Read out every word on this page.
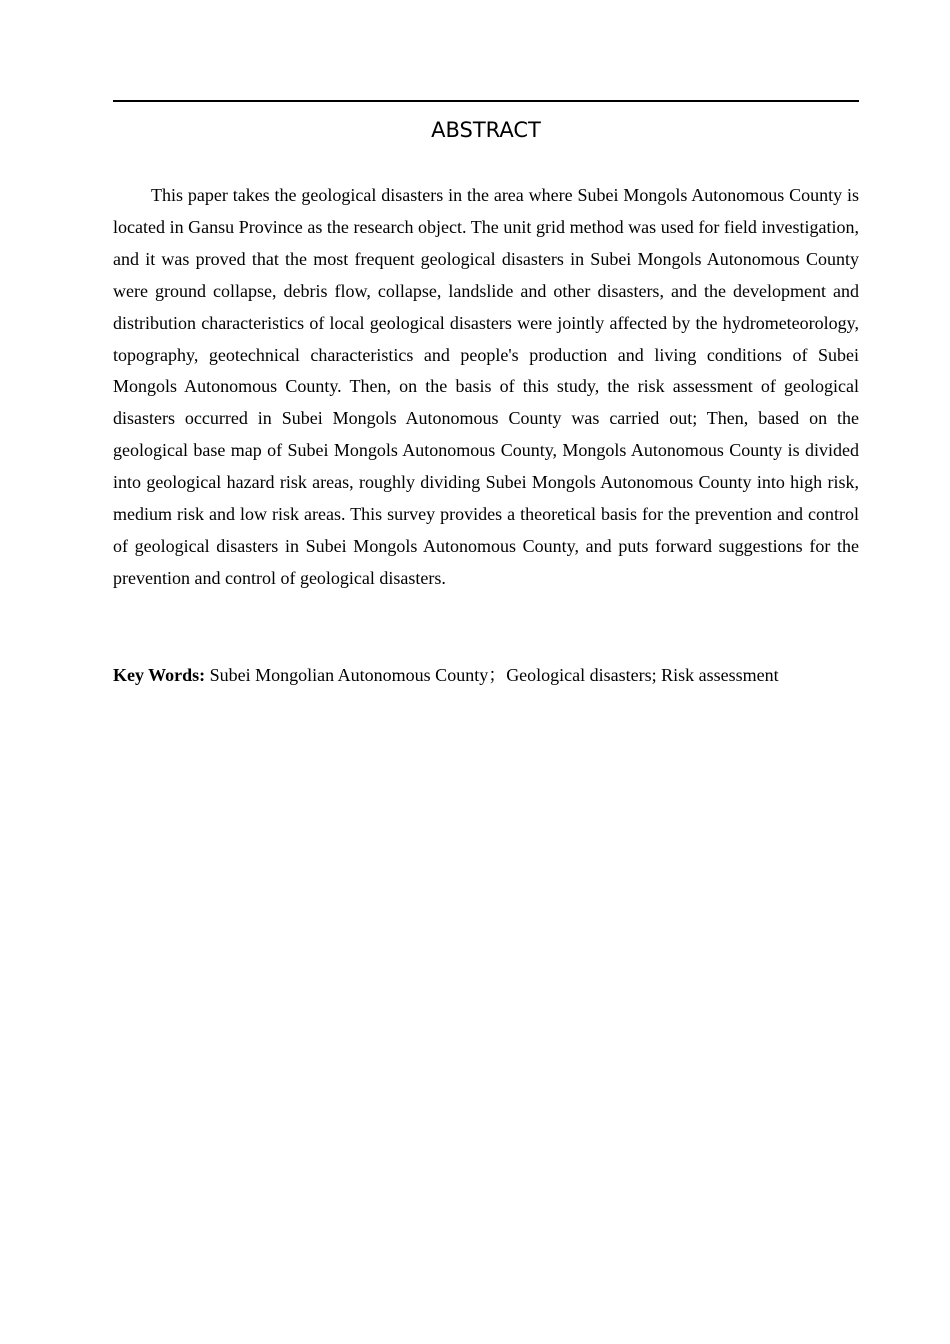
ABSTRACT

This paper takes the geological disasters in the area where Subei Mongols Autonomous County is located in Gansu Province as the research object. The unit grid method was used for field investigation, and it was proved that the most frequent geological disasters in Subei Mongols Autonomous County were ground collapse, debris flow, collapse, landslide and other disasters, and the development and distribution characteristics of local geological disasters were jointly affected by the hydrometeorology, topography, geotechnical characteristics and people's production and living conditions of Subei Mongols Autonomous County. Then, on the basis of this study, the risk assessment of geological disasters occurred in Subei Mongols Autonomous County was carried out; Then, based on the geological base map of Subei Mongols Autonomous County, Mongols Autonomous County is divided into geological hazard risk areas, roughly dividing Subei Mongols Autonomous County into high risk, medium risk and low risk areas. This survey provides a theoretical basis for the prevention and control of geological disasters in Subei Mongols Autonomous County, and puts forward suggestions for the prevention and control of geological disasters.

Key Words: Subei Mongolian Autonomous County；Geological disasters; Risk assessment
